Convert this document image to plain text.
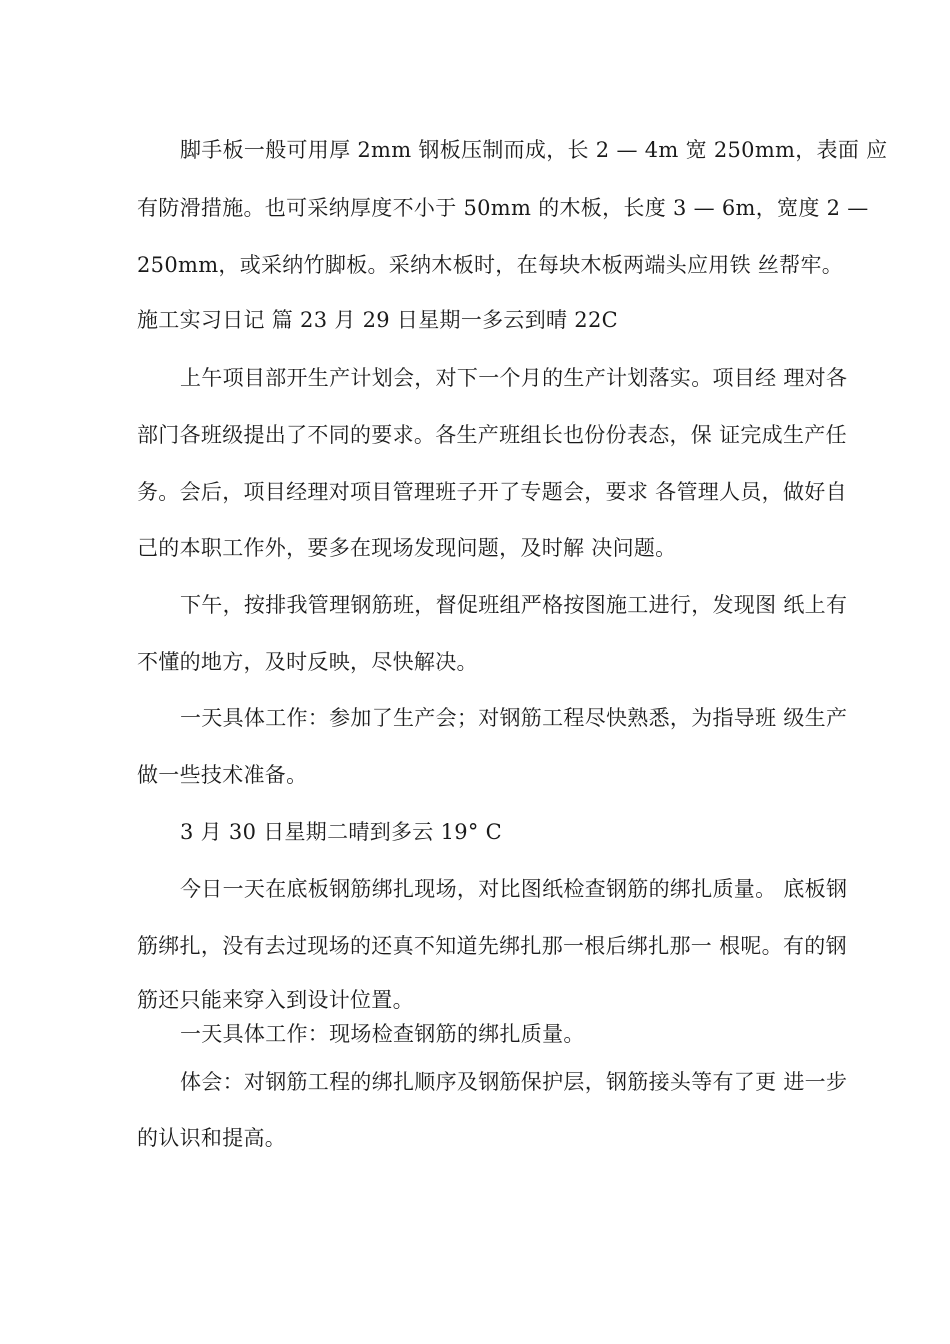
脚手板一般可用厚 2mm 钢板压制而成，长 2 — 4m 宽 250mm，表面 应
有防滑措施。也可采纳厚度不小于 50mm 的木板，长度 3 — 6m，宽度 2 —
250mm，或采纳竹脚板。采纳木板时，在每块木板两端头应用铁 丝帮牢。
施工实习日记 篇 23 月 29 日星期一多云到晴 22C
上午项目部开生产计划会，对下一个月的生产计划落实。项目经 理对各
部门各班级提出了不同的要求。各生产班组长也份份表态，保 证完成生产任
务。会后，项目经理对项目管理班子开了专题会，要求 各管理人员，做好自
己的本职工作外，要多在现场发现问题，及时解 决问题。
下午，按排我管理钢筋班，督促班组严格按图施工进行，发现图 纸上有
不懂的地方，及时反映，尽快解决。
一天具体工作：参加了生产会；对钢筋工程尽快熟悉，为指导班 级生产
做一些技术准备。
3 月 30 日星期二晴到多云 19° C
今日一天在底板钢筋绑扎现场，对比图纸检查钢筋的绑扎质量。 底板钢
筋绑扎，没有去过现场的还真不知道先绑扎那一根后绑扎那一 根呢。有的钢
筋还只能来穿入到设计位置。
一天具体工作：现场检查钢筋的绑扎质量。
体会：对钢筋工程的绑扎顺序及钢筋保护层，钢筋接头等有了更 进一步
的认识和提高。
